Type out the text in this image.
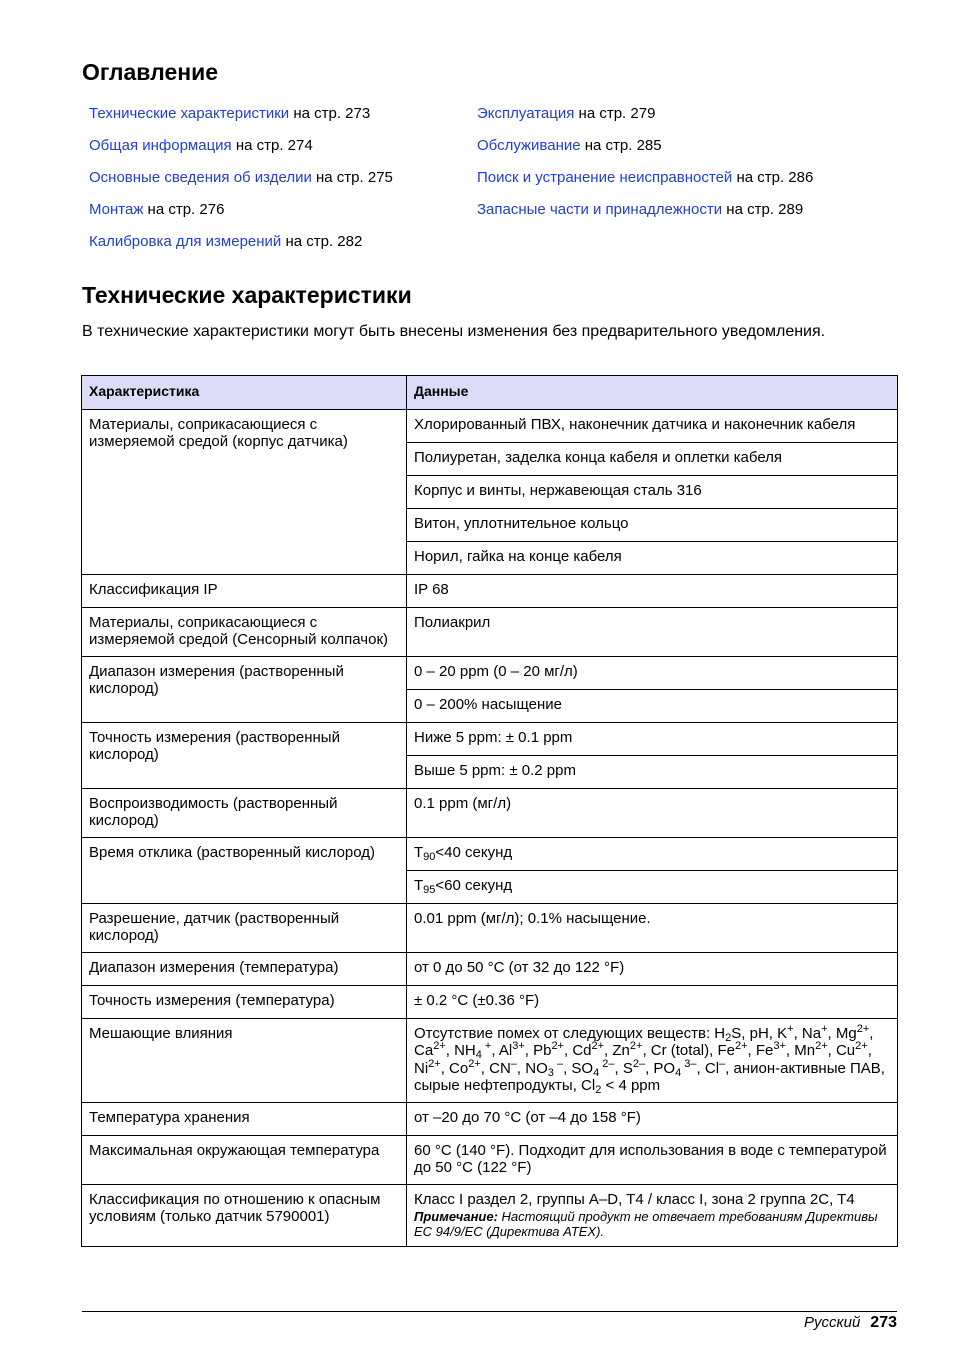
Оглавление
Технические характеристики на стр. 273
Общая информация на стр. 274
Основные сведения об изделии на стр. 275
Монтаж на стр. 276
Калибровка для измерений на стр. 282
Эксплуатация на стр. 279
Обслуживание на стр. 285
Поиск и устранение неисправностей на стр. 286
Запасные части и принадлежности на стр. 289
Технические характеристики

В технические характеристики могут быть внесены изменения без предварительного уведомления.

Характеристика	Данные
Материалы, соприкасающиеся с измеряемой средой (корпус датчика)	Хлорированный ПВХ, наконечник датчика и наконечник кабеля
	Полиуретан, заделка конца кабеля и оплетки кабеля
	Корпус и винты, нержавеющая сталь 316
	Витон, уплотнительное кольцо
	Норил, гайка на конце кабеля
Классификация IP	IP 68
Материалы, соприкасающиеся с измеряемой средой (Сенсорный колпачок)	Полиакрил
Диапазон измерения (растворенный кислород)	0 – 20 ppm (0 – 20 мг/л)
	0 – 200% насыщение
Точность измерения (растворенный кислород)	Ниже 5 ppm: ± 0.1 ppm
	Выше 5 ppm: ± 0.2 ppm
Воспроизводимость (растворенный кислород)	0.1 ppm (мг/л)
Время отклика (растворенный кислород)	$T_{90}<40$ секунд
	$T_{95}<60$ секунд
Разрешение, датчик (растворенный кислород)	0.01 ppm (мг/л); 0.1% насыщение.
Диапазон измерения (температура)	от 0 до 50 °C (от 32 до 122 °F)
Точность измерения (температура)	± 0.2 °C (±0.36 °F)
Мешающие влияния	Отсутствие помех от следующих веществ: $H_2S$, pH, K+, Na+, $Mg^{2+}$, $Ca^{2+}$, $NH_4$ +, $Al^{3+}$, $Pb^{2+}$, $Cd^{2+}$, $Zn^{2+}$, Cr (total), $Fe^{2+}$, $Fe^{3+}$, $Mn^{2+}$, $Cu^{2+}$, $Ni^{2+}$, $Co^{2+}$, CN–, $NO_3$ –, $SO_4$ $^{2-}$, $S^{2-}$, $PO_4$ $^{3-}$, Cl–, анион-активные ПАВ, сырые нефтепродукты, $Cl_2 < 4$ ppm
Температура хранения	от –20 до 70 °C (от –4 до 158 °F)
Максимальная окружающая температура	60 °C (140 °F). Подходит для использования в воде с температурой до 50 °C (122 °F)
Классификация по отношению к опасным условиям (только датчик 5790001)	Класс I раздел 2, группы A–D, T4 / класс I, зона 2 группа 2C, T4
Примечание: Настоящий продукт не отвечает требованиям Директивы ЕС 94/9/ЕС (Директива ATEX).
Русский 273
